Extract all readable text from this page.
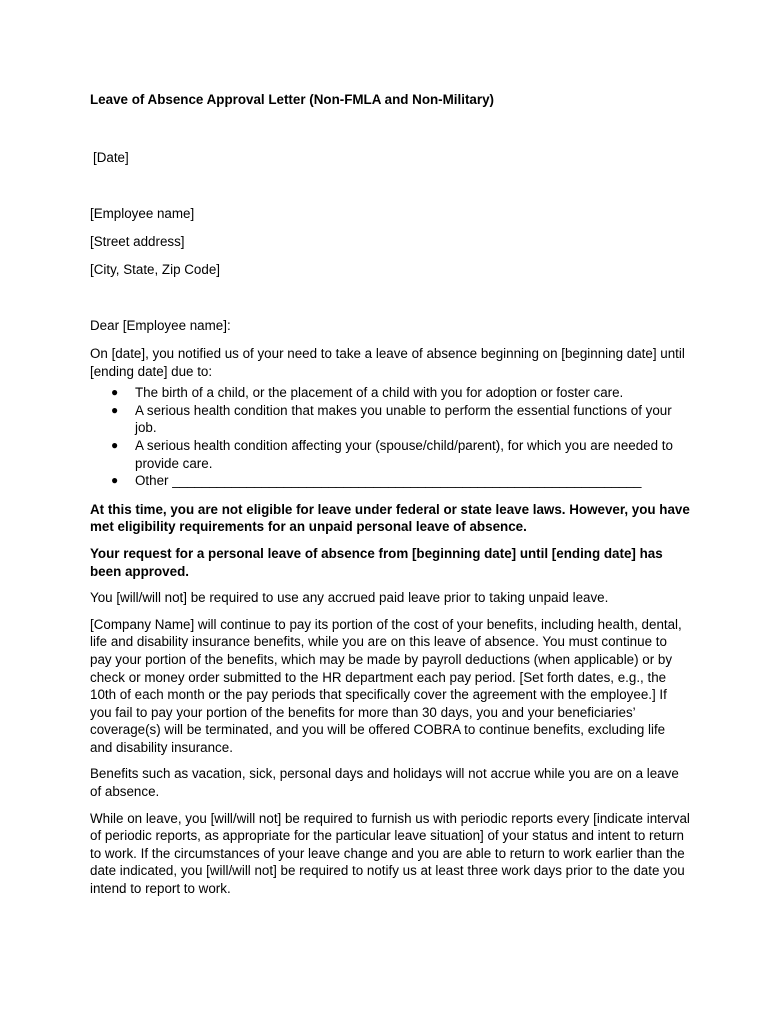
Leave of Absence Approval Letter (Non-FMLA and Non-Military)

[Date]
[Employee name]
[Street address]
[City, State, Zip Code]
Dear [Employee name]:

On [date], you notified us of your need to take a leave of absence beginning on [beginning date] until [ending date] due to:

● The birth of a child, or the placement of a child with you for adoption or foster care.
● A serious health condition that makes you unable to perform the essential functions of your job.
● A serious health condition affecting your (spouse/child/parent), for which you are needed to provide care.
● Other _______________________________________________________________

At this time, you are not eligible for leave under federal or state leave laws. However, you have met eligibility requirements for an unpaid personal leave of absence.

Your request for a personal leave of absence from [beginning date] until [ending date] has been approved.

You [will/will not] be required to use any accrued paid leave prior to taking unpaid leave.

[Company Name] will continue to pay its portion of the cost of your benefits, including health, dental, life and disability insurance benefits, while you are on this leave of absence. You must continue to pay your portion of the benefits, which may be made by payroll deductions (when applicable) or by check or money order submitted to the HR department each pay period. [Set forth dates, e.g., the 10th of each month or the pay periods that specifically cover the agreement with the employee.] If you fail to pay your portion of the benefits for more than 30 days, you and your beneficiaries’ coverage(s) will be terminated, and you will be offered COBRA to continue benefits, excluding life and disability insurance.

Benefits such as vacation, sick, personal days and holidays will not accrue while you are on a leave of absence.

While on leave, you [will/will not] be required to furnish us with periodic reports every [indicate interval of periodic reports, as appropriate for the particular leave situation] of your status and intent to return to work. If the circumstances of your leave change and you are able to return to work earlier than the date indicated, you [will/will not] be required to notify us at least three work days prior to the date you intend to report to work.
